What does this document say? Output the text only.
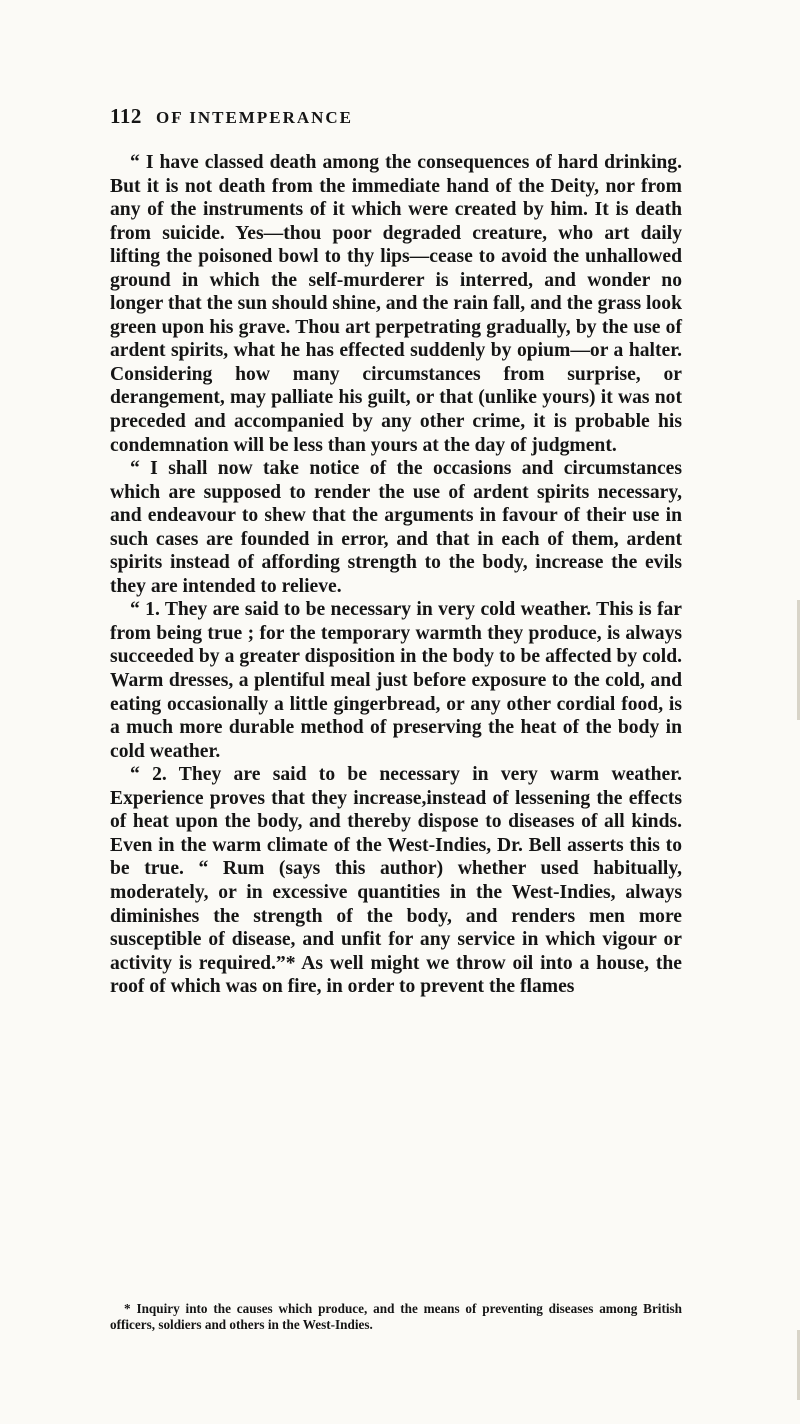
112 OF INTEMPERANCE

“ I have classed death among the consequences of hard drinking. But it is not death from the immediate hand of the Deity, nor from any of the instruments of it which were created by him. It is death from suicide. Yes—thou poor degraded creature, who art daily lifting the poisoned bowl to thy lips—cease to avoid the unhallowed ground in which the self-murderer is interred, and wonder no longer that the sun should shine, and the rain fall, and the grass look green upon his grave. Thou art perpetrating gradually, by the use of ardent spirits, what he has effected suddenly by opium—or a halter. Considering how many circumstances from surprise, or derangement, may palliate his guilt, or that (unlike yours) it was not preceded and accompanied by any other crime, it is probable his condemnation will be less than yours at the day of judgment.

“ I shall now take notice of the occasions and circumstances which are supposed to render the use of ardent spirits necessary, and endeavour to shew that the arguments in favour of their use in such cases are founded in error, and that in each of them, ardent spirits instead of affording strength to the body, increase the evils they are intended to relieve.

“ 1. They are said to be necessary in very cold weather. This is far from being true ; for the temporary warmth they produce, is always succeeded by a greater disposition in the body to be affected by cold. Warm dresses, a plentiful meal just before exposure to the cold, and eating occasionally a little gingerbread, or any other cordial food, is a much more durable method of preserving the heat of the body in cold weather.

“ 2. They are said to be necessary in very warm weather. Experience proves that they increase,instead of lessening the effects of heat upon the body, and thereby dispose to diseases of all kinds. Even in the warm climate of the West-Indies, Dr. Bell asserts this to be true. “ Rum (says this author) whether used habitually, moderately, or in excessive quantities in the West-Indies, always diminishes the strength of the body, and renders men more susceptible of disease, and unfit for any service in which vigour or activity is required.”* As well might we throw oil into a house, the roof of which was on fire, in order to prevent the flames

* Inquiry into the causes which produce, and the means of preventing diseases among British officers, soldiers and others in the West-Indies.
